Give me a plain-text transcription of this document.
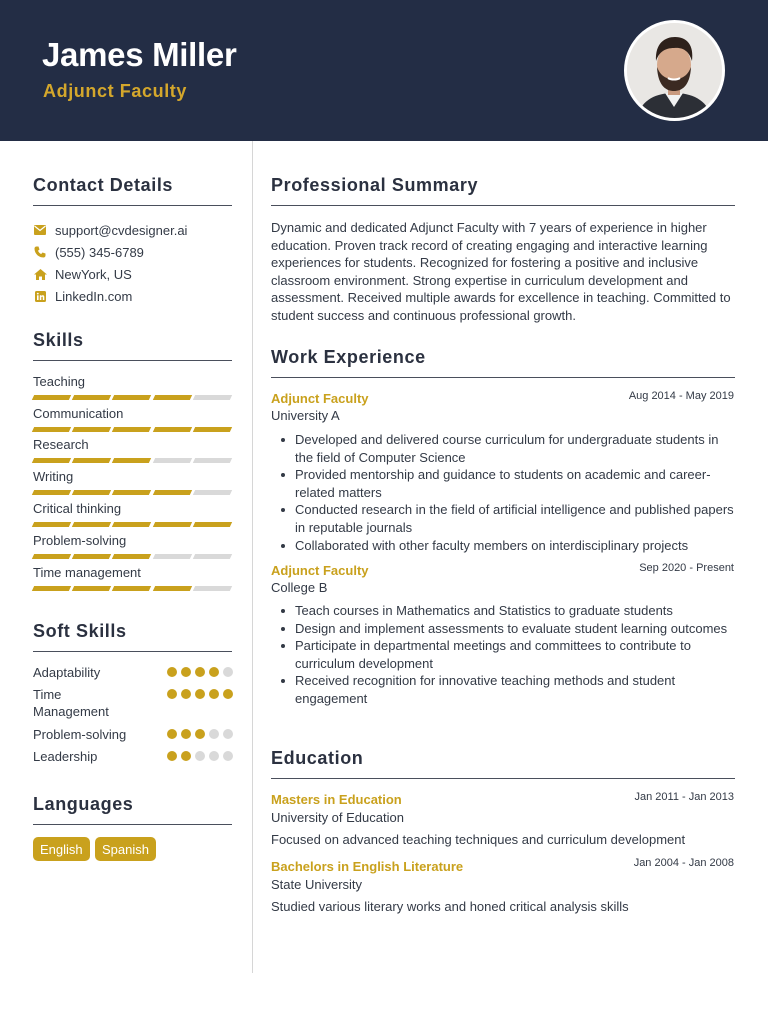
James Miller
Adjunct Faculty
Contact Details
support@cvdesigner.ai
(555) 345-6789
NewYork, US
LinkedIn.com
Skills
Teaching
Communication
Research
Writing
Critical thinking
Problem-solving
Time management
Soft Skills
Adaptability
Time Management
Problem-solving
Leadership
Languages
English	Spanish
Professional Summary
Dynamic and dedicated Adjunct Faculty with 7 years of experience in higher education. Proven track record of creating engaging and interactive learning experiences for students. Recognized for fostering a positive and inclusive classroom environment. Strong expertise in curriculum development and assessment. Received multiple awards for excellence in teaching. Committed to student success and continuous professional growth.
Work Experience
Adjunct Faculty	Aug 2014 - May 2019
University A
Developed and delivered course curriculum for undergraduate students in the field of Computer Science
Provided mentorship and guidance to students on academic and career-related matters
Conducted research in the field of artificial intelligence and published papers in reputable journals
Collaborated with other faculty members on interdisciplinary projects
Adjunct Faculty	Sep 2020 - Present
College B
Teach courses in Mathematics and Statistics to graduate students
Design and implement assessments to evaluate student learning outcomes
Participate in departmental meetings and committees to contribute to curriculum development
Received recognition for innovative teaching methods and student engagement
Education
Masters in Education	Jan 2011 - Jan 2013
University of Education
Focused on advanced teaching techniques and curriculum development
Bachelors in English Literature	Jan 2004 - Jan 2008
State University
Studied various literary works and honed critical analysis skills
